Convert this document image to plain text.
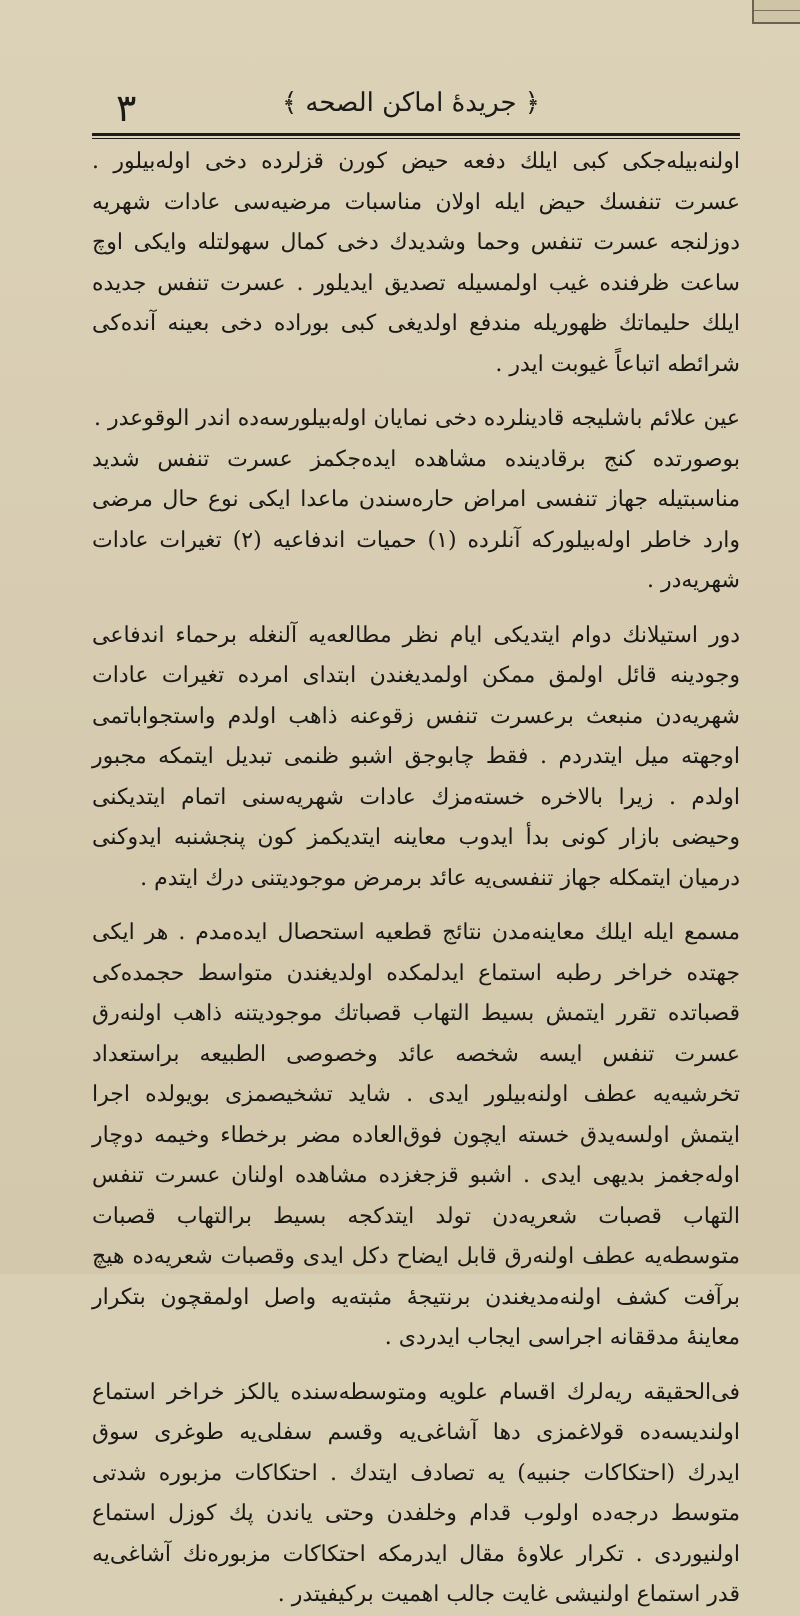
٣	﴿ جريدۀ اماكن الصحه ﴾

اولنه‌بیله‌جکی کبی ایلك دفعه حیض کورن قزلرده دخی اوله‌بیلور . عسرت تنفسك حیض ایله اولان مناسبات مرضیه‌سی عادات شهریه دوزلنجه عسرت تنفس وحما وشدیدك دخی کمال سهولتله وایکی اوچ ساعت ظرفنده غیب اولمسیله تصدیق ایدیلور . عسرت تنفس جدیده ایلك حلیماتك ظهوریله مندفع اولدیغی کبی بوراده دخی بعینه آنده‌کی شرائطه اتباعاً غیوبت ایدر .

عین علائم باشلیجه قادینلرده دخی نمایان اوله‌بیلورسه‌ده اندر الوقوعدر .

بوصورتده کنج برقادینده مشاهده ایده‌جکمز عسرت تنفس شدید مناسبتیله جهاز تنفسی امراض حاره‌سندن ماعدا ایکی نوع حال مرضی وارد خاطر اوله‌بیلورکه آنلرده (١) حمیات اندفاعیه (٢) تغیرات عادات شهریه‌در .

دور استیلانك دوام ایتدیکی ایام نظر مطالعه‌یه آلنغله برحماء اندفاعی وجودینه قائل اولمق ممکن اولمدیغندن ابتدای امرده تغیرات عادات شهریه‌دن منبعث برعسرت تنفس زقوعنه ذاهب اولدم واستجواباتمی اوجهته میل ایتدردم . فقط چابوجق اشبو ظنمی تبدیل ایتمکه مجبور اولدم . زیرا بالاخره خسته‌مزك عادات شهریه‌سنی اتمام ایتدیکنی وحیضی بازار کونی بدأ ایدوب معاینه ایتدیکمز کون پنجشنبه ایدوکنی درمیان ایتمکله جهاز تنفسی‌یه عائد برمرض موجودیتنی درك ایتدم .

مسمع ایله ایلك معاینه‌مدن نتائج قطعیه استحصال ایده‌مدم . هر ایکی جهتده خراخر رطبه استماع ایدلمکده اولدیغندن متواسط حجمده‌کی قصباتده تقرر ایتمش بسیط التهاب قصباتك موجودیتنه ذاهب اولنه‌رق عسرت تنفس ایسه شخصه عائد وخصوصی الطبیعه براستعداد تخرشیه‌یه عطف اولنه‌بیلور ایدی . شاید تشخیصمزی بویولده اجرا ایتمش اولسه‌یدق خسته ایچون فوق‌العاده مضر برخطاء وخیمه دوچار اوله‌جغمز بدیهی ایدی . اشبو قزجغزده مشاهده اولنان عسرت تنفس التهاب قصبات شعریه‌دن تولد ایتدکجه بسیط برالتهاب قصبات متوسطه‌یه عطف اولنه‌رق قابل ایضاح دکل ایدی وقصبات شعریه‌ده هیچ برآفت کشف اولنه‌مدیغندن برنتیجۀ مثبته‌یه واصل اولمقچون بتکرار معاینۀ مدققانه اجراسی ایجاب ایدردی .

فی‌الحقیقه ریه‌لرك اقسام علویه ومتوسطه‌سنده یالکز خراخر استماع اولندیسه‌ده قولاغمزی دها آشاغی‌یه وقسم سفلی‌یه طوغری سوق ایدرك (احتکاکات جنبیه) یه تصادف ایتدك . احتکاکات مزبوره شدتی متوسط درجه‌ده اولوب قدام وخلفدن وحتی یاندن پك کوزل استماع اولنیوردی . تکرار علاوۀ مقال ایدرمکه احتکاکات مزبوره‌نك آشاغی‌یه قدر استماع اولنیشی غایت جالب اهمیت برکیفیتدر .
